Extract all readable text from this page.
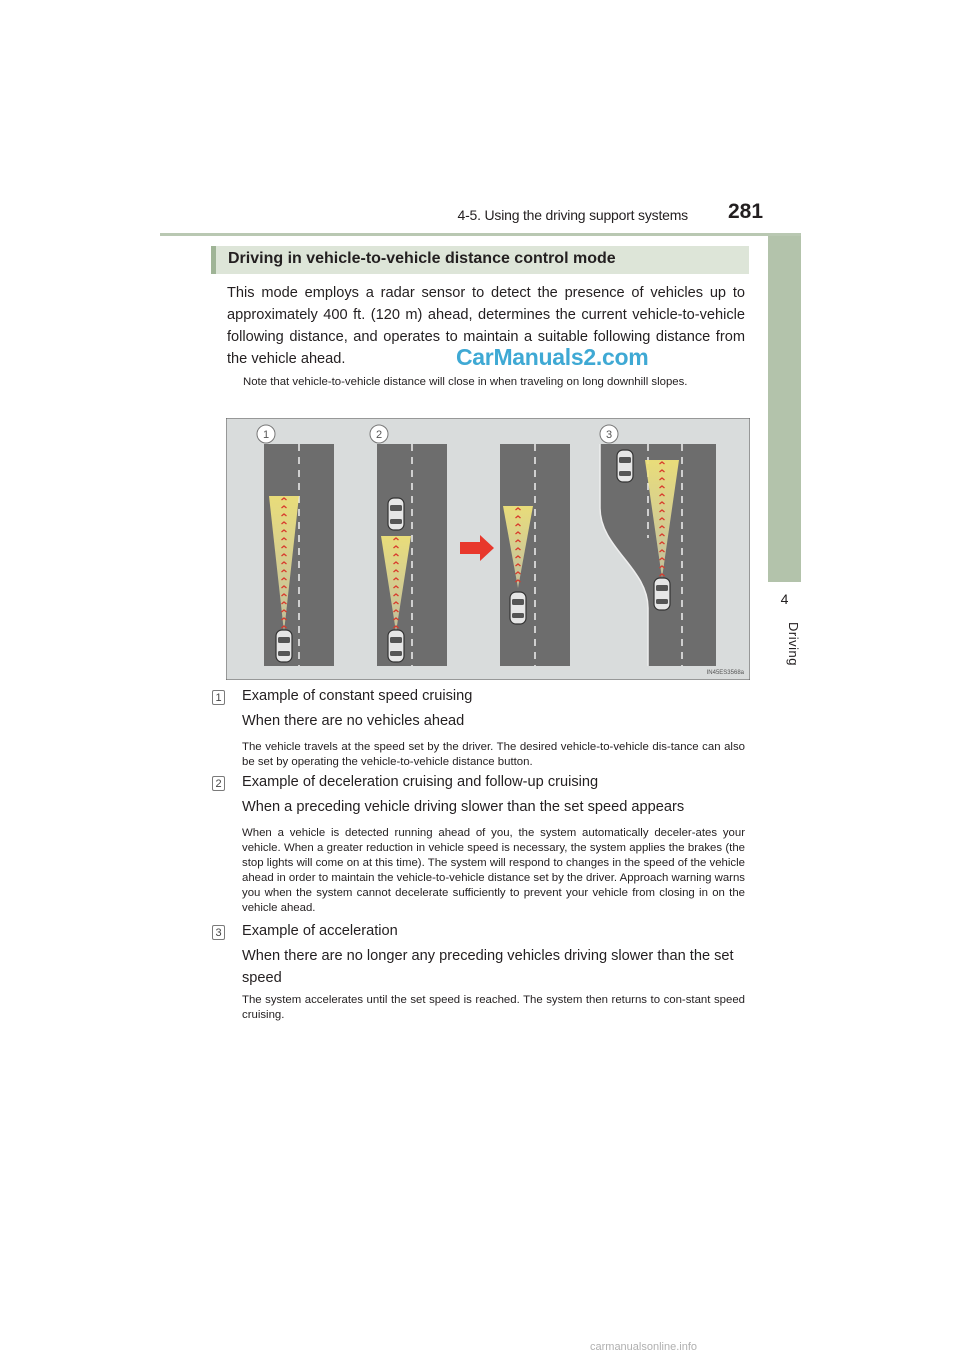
4-5. Using the driving support systems 281
4
Driving
Driving in vehicle-to-vehicle distance control mode
This mode employs a radar sensor to detect the presence of vehicles up to approximately 400 ft. (120 m) ahead, determines the current vehicle-to-vehicle following distance, and operates to maintain a suitable following distance from the vehicle ahead.	CarManuals2.com
Note that vehicle-to-vehicle distance will close in when traveling on long downhill slopes.
1	2	3
IN45ES3568a
1 Example of constant speed cruising
When there are no vehicles ahead
The vehicle travels at the speed set by the driver. The desired vehicle-to-vehicle dis-tance can also be set by operating the vehicle-to-vehicle distance button.
2 Example of deceleration cruising and follow-up cruising
When a preceding vehicle driving slower than the set speed appears
When a vehicle is detected running ahead of you, the system automatically deceler-ates your vehicle. When a greater reduction in vehicle speed is necessary, the system applies the brakes (the stop lights will come on at this time). The system will respond to changes in the speed of the vehicle ahead in order to maintain the vehicle-to-vehicle distance set by the driver. Approach warning warns you when the system cannot decelerate sufficiently to prevent your vehicle from closing in on the vehicle ahead.
3 Example of acceleration
When there are no longer any preceding vehicles driving slower than the set speed
The system accelerates until the set speed is reached. The system then returns to con-stant speed cruising.
carmanualsonline.info
